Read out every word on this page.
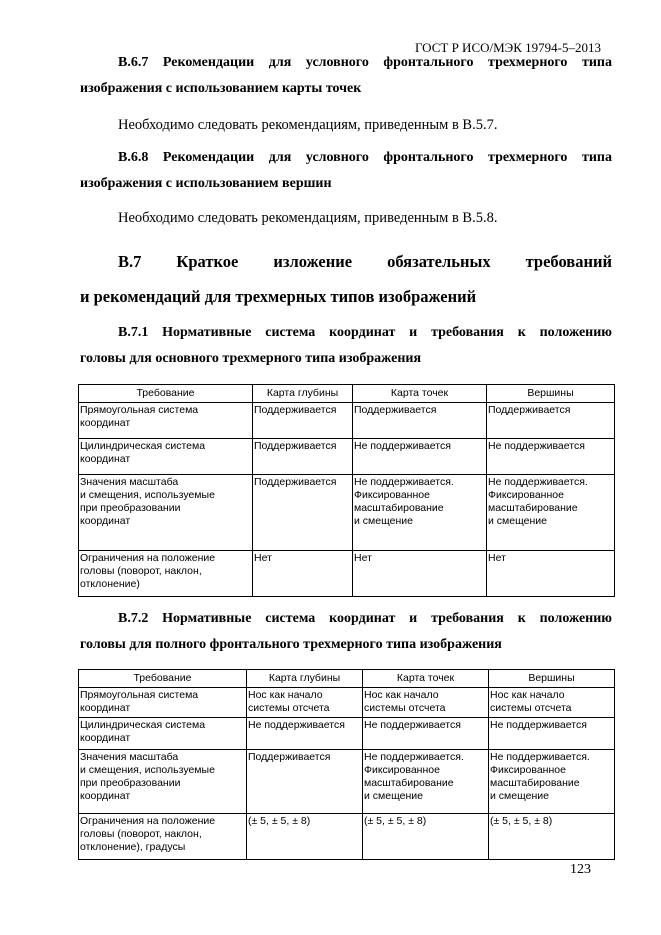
ГОСТ Р ИСО/МЭК 19794-5–2013
В.6.7 Рекомендации для условного фронтального трехмерного типа
изображения с использованием карты точек
Необходимо следовать рекомендациям, приведенным в В.5.7.
В.6.8 Рекомендации для условного фронтального трехмерного типа
изображения с использованием вершин
Необходимо следовать рекомендациям, приведенным в В.5.8.
В.7 Краткое изложение обязательных требований
и рекомендаций для трехмерных типов изображений
В.7.1 Нормативные система координат и требования к положению
головы для основного трехмерного типа изображения
Требование	Карта глубины	Карта точек	Вершины
Прямоугольная система
координат	Поддерживается	Поддерживается	Поддерживается
Цилиндрическая система
координат	Поддерживается	Не поддерживается	Не поддерживается
Значения масштаба
и смещения, используемые
при преобразовании
координат	Поддерживается	Не поддерживается.
Фиксированное
масштабирование
и смещение	Не поддерживается.
Фиксированное
масштабирование
и смещение
Ограничения на положение
головы (поворот, наклон,
отклонение)	Нет	Нет	Нет
В.7.2 Нормативные система координат и требования к положению
головы для полного фронтального трехмерного типа изображения
Требование	Карта глубины	Карта точек	Вершины
Прямоугольная система
координат	Нос как начало
системы отсчета	Нос как начало
системы отсчета	Нос как начало
системы отсчета
Цилиндрическая система
координат	Не поддерживается	Не поддерживается	Не поддерживается
Значения масштаба
и смещения, используемые
при преобразовании
координат	Поддерживается	Не поддерживается.
Фиксированное
масштабирование
и смещение	Не поддерживается.
Фиксированное
масштабирование
и смещение
Ограничения на положение
головы (поворот, наклон,
отклонение), градусы	(± 5, ± 5, ± 8)	(± 5, ± 5, ± 8)	(± 5, ± 5, ± 8)
123
